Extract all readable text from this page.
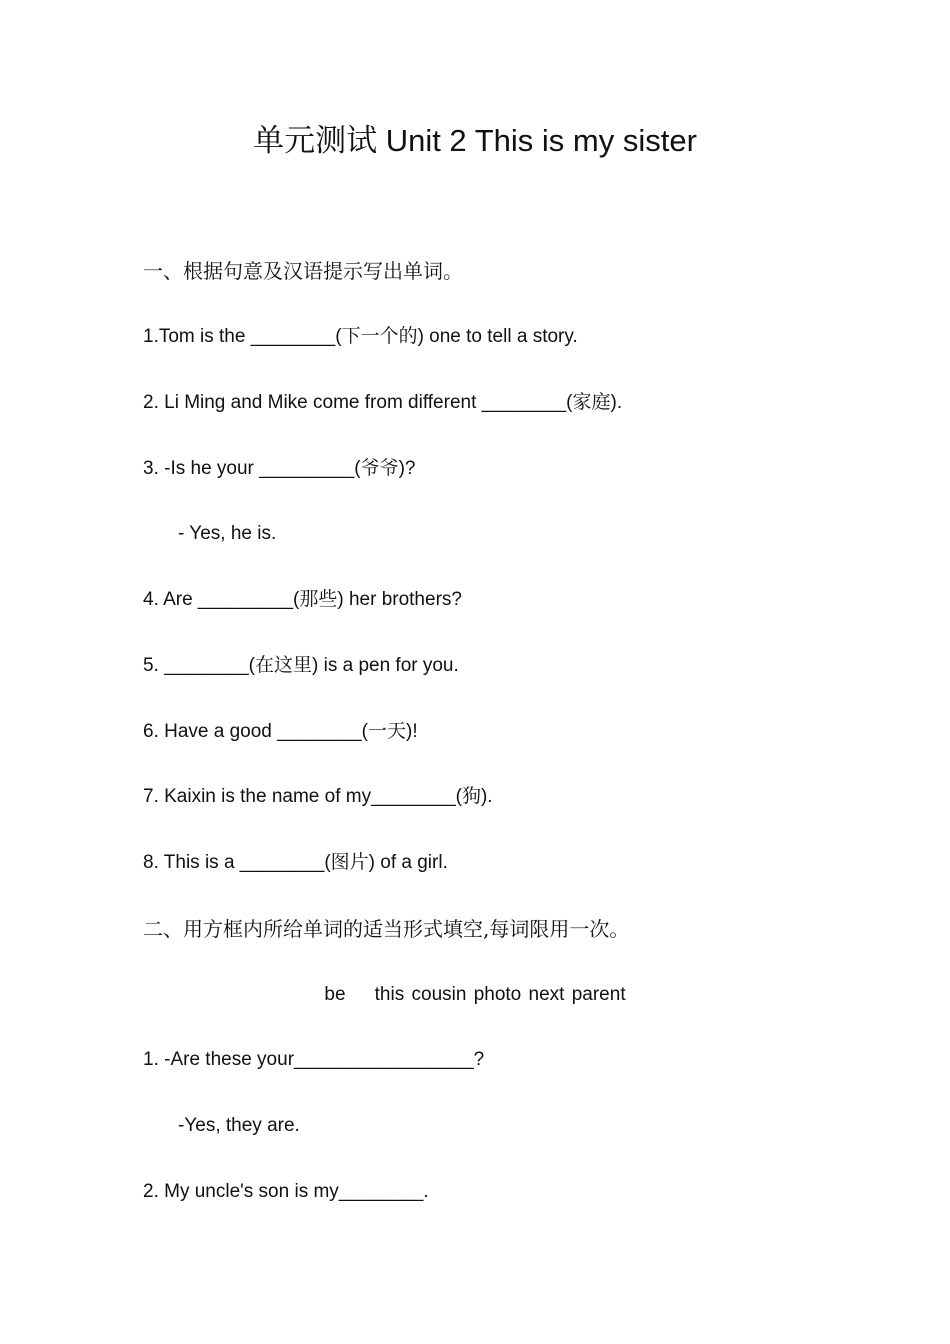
单元测试 Unit 2 This is my sister
一、根据句意及汉语提示写出单词。
1.Tom is the ________(下一个的) one to tell a story.
2. Li Ming and Mike come from different ________(家庭).
3. -Is he your _________(爷爷)?
- Yes, he is.
4. Are _________(那些) her brothers?
5. ________(在这里) is a pen for you.
6. Have a good ________(一天)!
7. Kaixin is the name of my________(狗).
8. This is a ________(图片) of a girl.
二、用方框内所给单词的适当形式填空,每词限用一次。
be    this cousin photo next parent
1. -Are these your_________________?
-Yes, they are.
2. My uncle's son is my________.
